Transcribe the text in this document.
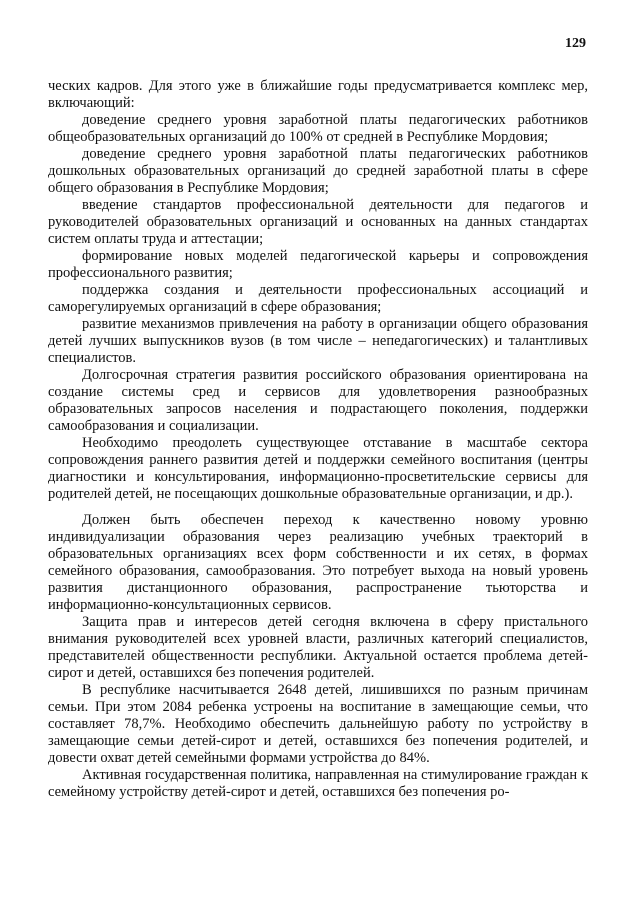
129

ческих кадров. Для этого уже в ближайшие годы предусматривается комплекс мер, включающий:

доведение среднего уровня заработной платы педагогических работников общеобразовательных организаций до 100% от средней в Республике Мордовия;

доведение среднего уровня заработной платы педагогических работников дошкольных образовательных организаций до средней заработной платы в сфере общего образования в Республике Мордовия;

введение стандартов профессиональной деятельности для педагогов и руководителей образовательных организаций и основанных на данных стандартах систем оплаты труда и аттестации;

формирование новых моделей педагогической карьеры и сопровождения профессионального развития;

поддержка создания и деятельности профессиональных ассоциаций и саморегулируемых организаций в сфере образования;

развитие механизмов привлечения на работу в организации общего образования детей лучших выпускников вузов (в том числе – непедагогических) и талантливых специалистов.

Долгосрочная стратегия развития российского образования ориентирована на создание системы сред и сервисов для удовлетворения разнообразных образовательных запросов населения и подрастающего поколения, поддержки самообразования и социализации.

Необходимо преодолеть существующее отставание в масштабе сектора сопровождения раннего развития детей и поддержки семейного воспитания (центры диагностики и консультирования, информационно-просветительские сервисы для родителей детей, не посещающих дошкольные образовательные организации, и др.).

Должен быть обеспечен переход к качественно новому уровню индивидуализации образования через реализацию учебных траекторий в образовательных организациях всех форм собственности и их сетях, в формах семейного образования, самообразования. Это потребует выхода на новый уровень развития дистанционного образования, распространение тьюторства и информационно-консультационных сервисов.

Защита прав и интересов детей сегодня включена в сферу пристального внимания руководителей всех уровней власти, различных категорий специалистов, представителей общественности республики. Актуальной остается проблема детей-сирот и детей, оставшихся без попечения родителей.

В республике насчитывается 2648 детей, лишившихся по разным причинам семьи. При этом 2084 ребенка устроены на воспитание в замещающие семьи, что составляет 78,7%. Необходимо обеспечить дальнейшую работу по устройству в замещающие семьи детей-сирот и детей, оставшихся без попечения родителей, и довести охват детей семейными формами устройства до 84%.

Активная государственная политика, направленная на стимулирование граждан к семейному устройству детей-сирот и детей, оставшихся без попечения ро-
